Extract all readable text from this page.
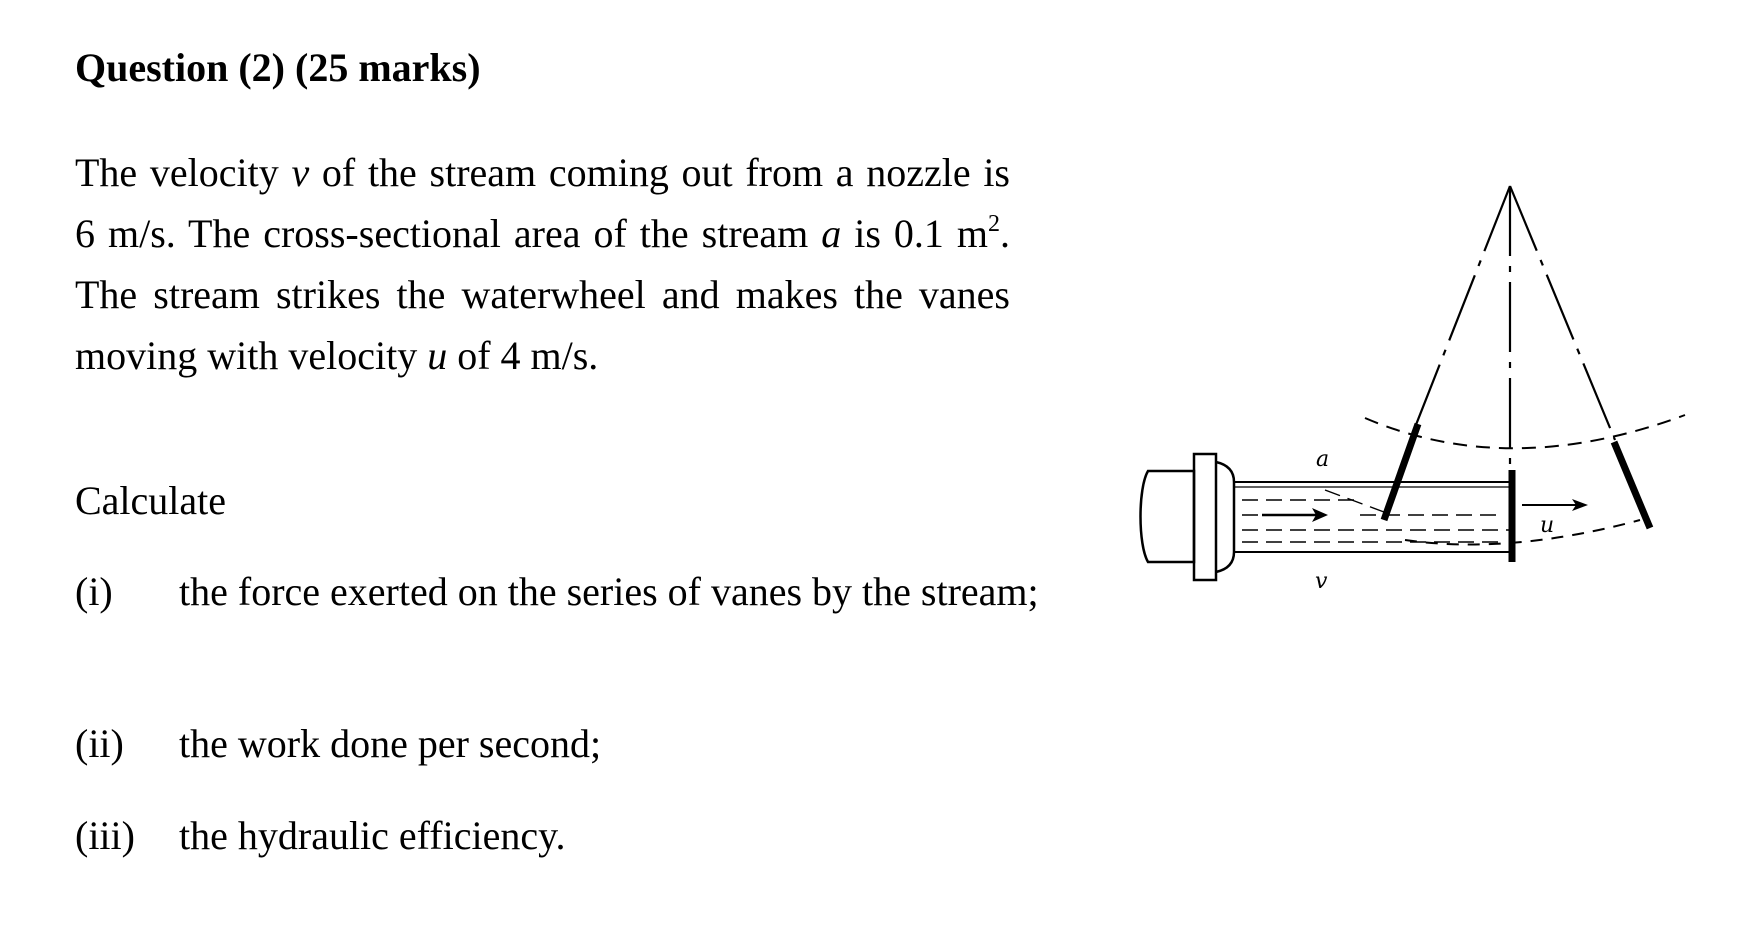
Question (2) (25 marks)
The velocity v of the stream coming out from a nozzle is 6 m/s. The cross-sectional area of the stream a is 0.1 $m^2$. The stream strikes the waterwheel and makes the vanes moving with velocity u of 4 m/s.
Calculate
(i) the force exerted on the series of vanes by the stream;
(ii) the work done per second;
(iii) the hydraulic efficiency.
a
v
u
